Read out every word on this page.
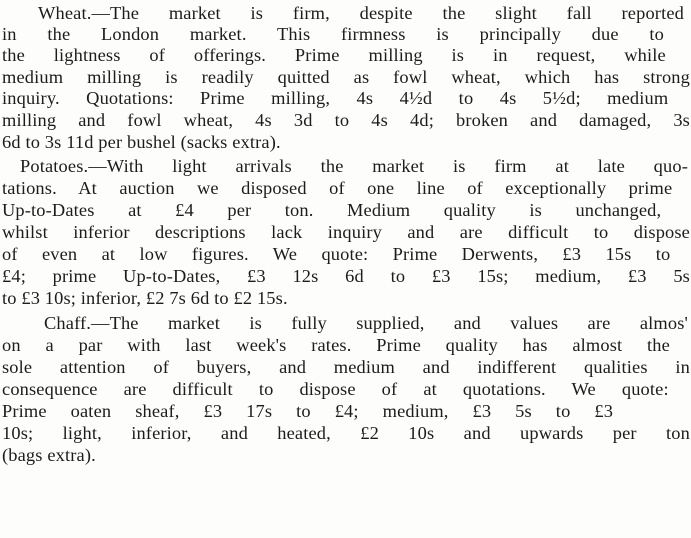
Wheat.—The market is firm, despite the slight fall reported
in the London market. This firmness is principally due to
the lightness of offerings. Prime milling is in request, while
medium milling is readily quitted as fowl wheat, which has strong
inquiry. Quotations: Prime milling, 4s 4½d to 4s 5½d; medium
milling and fowl wheat, 4s 3d to 4s 4d; broken and damaged, 3s
6d to 3s 11d per bushel (sacks extra).
Potatoes.—With light arrivals the market is firm at late quo-
tations. At auction we disposed of one line of exceptionally prime
Up-to-Dates at £4 per ton. Medium quality is unchanged,
whilst inferior descriptions lack inquiry and are difficult to dispose
of even at low figures. We quote: Prime Derwents, £3 15s to
£4; prime Up-to-Dates, £3 12s 6d to £3 15s; medium, £3 5s
to £3 10s; inferior, £2 7s 6d to £2 15s.
Chaff.—The market is fully supplied, and values are almos'
on a par with last week's rates. Prime quality has almost the
sole attention of buyers, and medium and indifferent qualities in
consequence are difficult to dispose of at quotations. We quote:
Prime oaten sheaf, £3 17s to £4; medium, £3 5s to £3
10s; light, inferior, and heated, £2 10s and upwards per ton
(bags extra).
